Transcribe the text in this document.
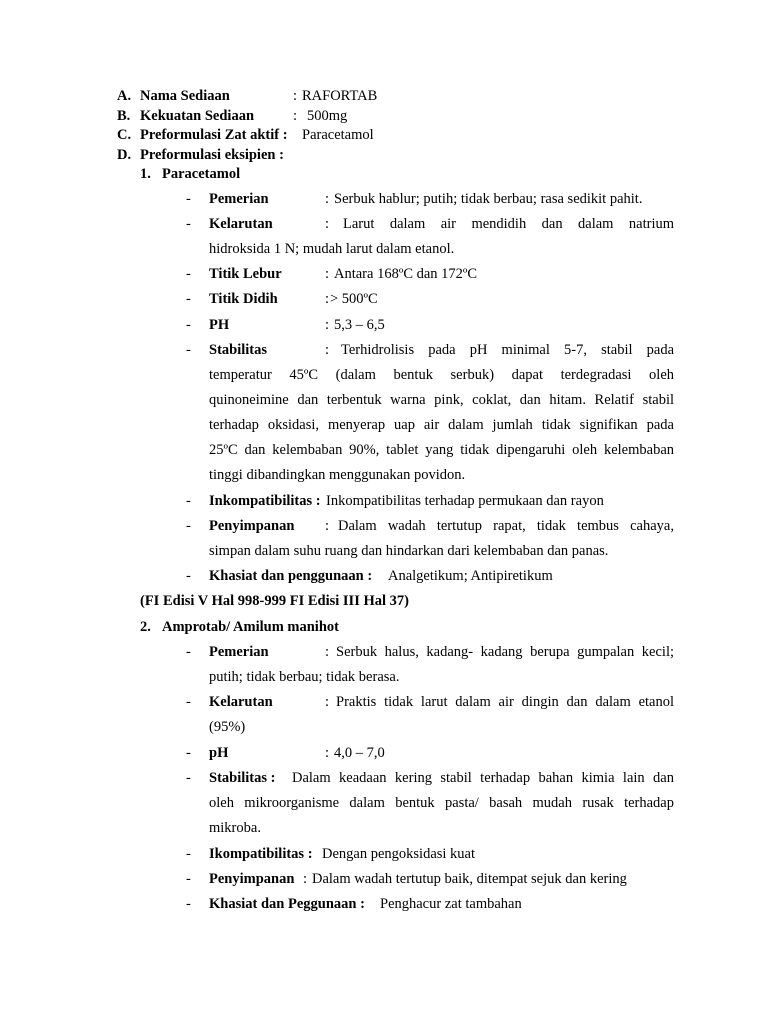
A. Nama Sediaan	: RAFORTAB
B. Kekuatan Sediaan	: 500mg
C. Preformulasi Zat aktif : Paracetamol
D. Preformulasi eksipien :
1. Paracetamol
- Pemerian	: Serbuk hablur; putih; tidak berbau; rasa sedikit pahit.
- Kelarutan	: Larut dalam air mendidih dan dalam natrium
hidroksida 1 N; mudah larut dalam etanol.
- Titik Lebur	: Antara 168ºC dan 172ºC
- Titik Didih	: > 500ºC
- PH	: 5,3 – 6,5
- Stabilitas	: Terhidrolisis pada pH minimal 5-7, stabil pada
temperatur 45ºC (dalam bentuk serbuk) dapat terdegradasi oleh
quinoneimine dan terbentuk warna pink, coklat, dan hitam. Relatif stabil
terhadap oksidasi, menyerap uap air dalam jumlah tidak signifikan pada
25ºC dan kelembaban 90%, tablet yang tidak dipengaruhi oleh kelembaban
tinggi dibandingkan menggunakan povidon.
- Inkompatibilitas : Inkompatibilitas terhadap permukaan dan rayon
- Penyimpanan : Dalam wadah tertutup rapat, tidak tembus cahaya,
simpan dalam suhu ruang dan hindarkan dari kelembaban dan panas.
- Khasiat dan penggunaan : Analgetikum; Antipiretikum
(FI Edisi V Hal 998-999 FI Edisi III Hal 37)
2. Amprotab/ Amilum manihot
- Pemerian	: Serbuk halus, kadang- kadang berupa gumpalan kecil;
putih; tidak berbau; tidak berasa.
- Kelarutan	: Praktis tidak larut dalam air dingin dan dalam etanol
(95%)
- pH	: 4,0 – 7,0
- Stabilitas : Dalam keadaan kering stabil terhadap bahan kimia lain dan
oleh mikroorganisme dalam bentuk pasta/ basah mudah rusak terhadap
mikroba.
- Ikompatibilitas : Dengan pengoksidasi kuat
- Penyimpanan : Dalam wadah tertutup baik, ditempat sejuk dan kering
- Khasiat dan Peggunaan : Penghacur zat tambahan
